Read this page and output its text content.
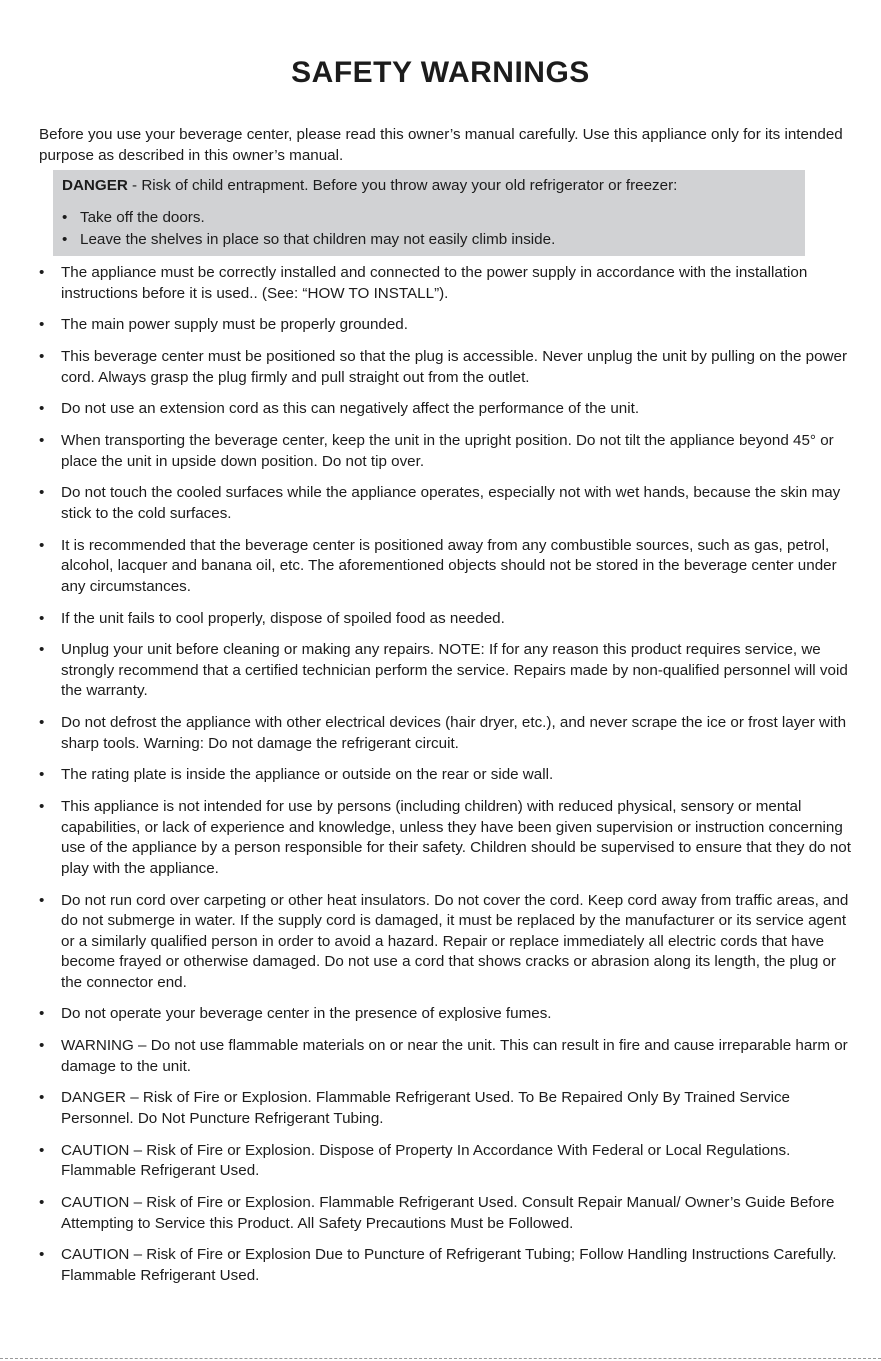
SAFETY WARNINGS
Before you use your beverage center, please read this owner’s manual carefully. Use this appliance only for its intended purpose as described in this owner’s manual.
DANGER - Risk of child entrapment. Before you throw away your old refrigerator or freezer:
• Take off the doors.
• Leave the shelves in place so that children may not easily climb inside.
• The appliance must be correctly installed and connected to the power supply in accordance with the installation instructions before it is used.. (See: “HOW TO INSTALL”).
• The main power supply must be properly grounded.
• This beverage center must be positioned so that the plug is accessible. Never unplug the unit by pulling on the power cord. Always grasp the plug firmly and pull straight out from the outlet.
• Do not use an extension cord as this can negatively affect the performance of the unit.
• When transporting the beverage center, keep the unit in the upright position. Do not tilt the appliance beyond 45° or place the unit in upside down position. Do not tip over.
• Do not touch the cooled surfaces while the appliance operates, especially not with wet hands, because the skin may stick to the cold surfaces.
• It is recommended that the beverage center is positioned away from any combustible sources, such as gas, petrol, alcohol, lacquer and banana oil, etc. The aforementioned objects should not be stored in the beverage center under any circumstances.
• If the unit fails to cool properly, dispose of spoiled food as needed.
• Unplug your unit before cleaning or making any repairs. NOTE: If for any reason this product requires service, we strongly recommend that a certified technician perform the service. Repairs made by non-qualified personnel will void the warranty.
• Do not defrost the appliance with other electrical devices (hair dryer, etc.), and never scrape the ice or frost layer with sharp tools. Warning: Do not damage the refrigerant circuit.
• The rating plate is inside the appliance or outside on the rear or side wall.
• This appliance is not intended for use by persons (including children) with reduced physical, sensory or mental capabilities, or lack of experience and knowledge, unless they have been given supervision or instruction concerning use of the appliance by a person responsible for their safety. Children should be supervised to ensure that they do not play with the appliance.
• Do not run cord over carpeting or other heat insulators. Do not cover the cord. Keep cord away from traffic areas, and do not submerge in water. If the supply cord is damaged, it must be replaced by the manufacturer or its service agent or a similarly qualified person in order to avoid a hazard. Repair or replace immediately all electric cords that have become frayed or otherwise damaged. Do not use a cord that shows cracks or abrasion along its length, the plug or the connector end.
• Do not operate your beverage center in the presence of explosive fumes.
• WARNING – Do not use flammable materials on or near the unit. This can result in fire and cause irreparable harm or damage to the unit.
• DANGER – Risk of Fire or Explosion. Flammable Refrigerant Used. To Be Repaired Only By Trained Service Personnel. Do Not Puncture Refrigerant Tubing.
• CAUTION – Risk of Fire or Explosion. Dispose of Property In Accordance With Federal or Local Regulations. Flammable Refrigerant Used.
• CAUTION – Risk of Fire or Explosion. Flammable Refrigerant Used. Consult Repair Manual/ Owner’s Guide Before Attempting to Service this Product. All Safety Precautions Must be Followed.
• CAUTION – Risk of Fire or Explosion Due to Puncture of Refrigerant Tubing; Follow Handling Instructions Carefully. Flammable Refrigerant Used.
